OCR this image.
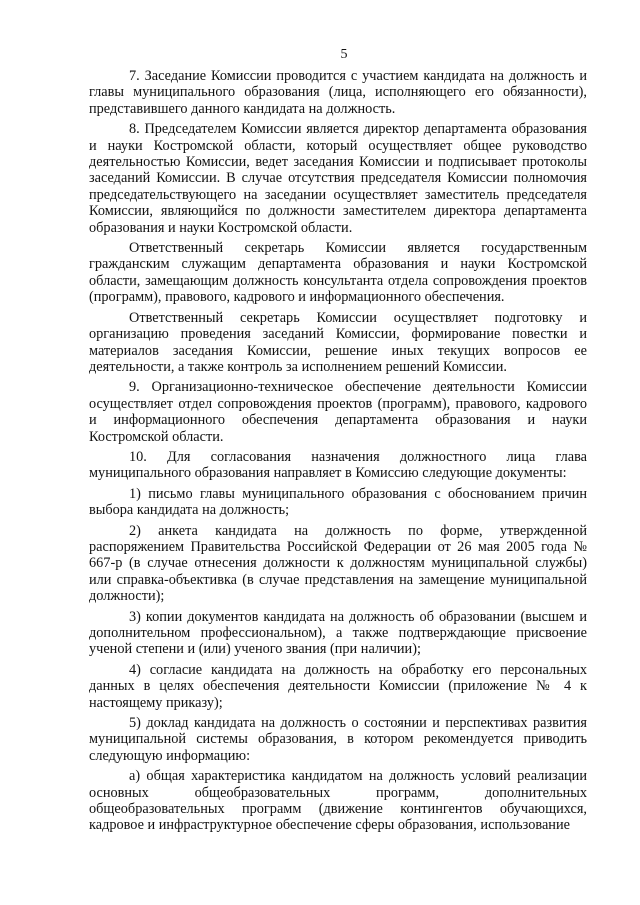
5

7. Заседание Комиссии проводится с участием кандидата на должность и главы муниципального образования (лица, исполняющего его обязанности), представившего данного кандидата на должность.

8. Председателем Комиссии является директор департамента образования и науки Костромской области, который осуществляет общее руководство деятельностью Комиссии, ведет заседания Комиссии и подписывает протоколы заседаний Комиссии. В случае отсутствия председателя Комиссии полномочия председательствующего на заседании осуществляет заместитель председателя Комиссии, являющийся по должности заместителем директора департамента образования и науки Костромской области.

Ответственный секретарь Комиссии является государственным гражданским служащим департамента образования и науки Костромской области, замещающим должность консультанта отдела сопровождения проектов (программ), правового, кадрового и информационного обеспечения.

Ответственный секретарь Комиссии осуществляет подготовку и организацию проведения заседаний Комиссии, формирование повестки и материалов заседания Комиссии, решение иных текущих вопросов ее деятельности, а также контроль за исполнением решений Комиссии.

9. Организационно-техническое обеспечение деятельности Комиссии осуществляет отдел сопровождения проектов (программ), правового, кадрового и информационного обеспечения департамента образования и науки Костромской области.

10. Для согласования назначения должностного лица глава муниципального образования направляет в Комиссию следующие документы:

1) письмо главы муниципального образования с обоснованием причин выбора кандидата на должность;

2) анкета кандидата на должность по форме, утвержденной распоряжением Правительства Российской Федерации от 26 мая 2005 года № 667-р (в случае отнесения должности к должностям муниципальной службы) или справка-объективка (в случае представления на замещение муниципальной должности);

3) копии документов кандидата на должность об образовании (высшем и дополнительном профессиональном), а также подтверждающие присвоение ученой степени и (или) ученого звания (при наличии);

4) согласие кандидата на должность на обработку его персональных данных в целях обеспечения деятельности Комиссии (приложение № 4 к настоящему приказу);

5) доклад кандидата на должность о состоянии и перспективах развития муниципальной системы образования, в котором рекомендуется приводить следующую информацию:

а) общая характеристика кандидатом на должность условий реализации основных общеобразовательных программ, дополнительных общеобразовательных программ (движение контингентов обучающихся, кадровое и инфраструктурное обеспечение сферы образования, использование
